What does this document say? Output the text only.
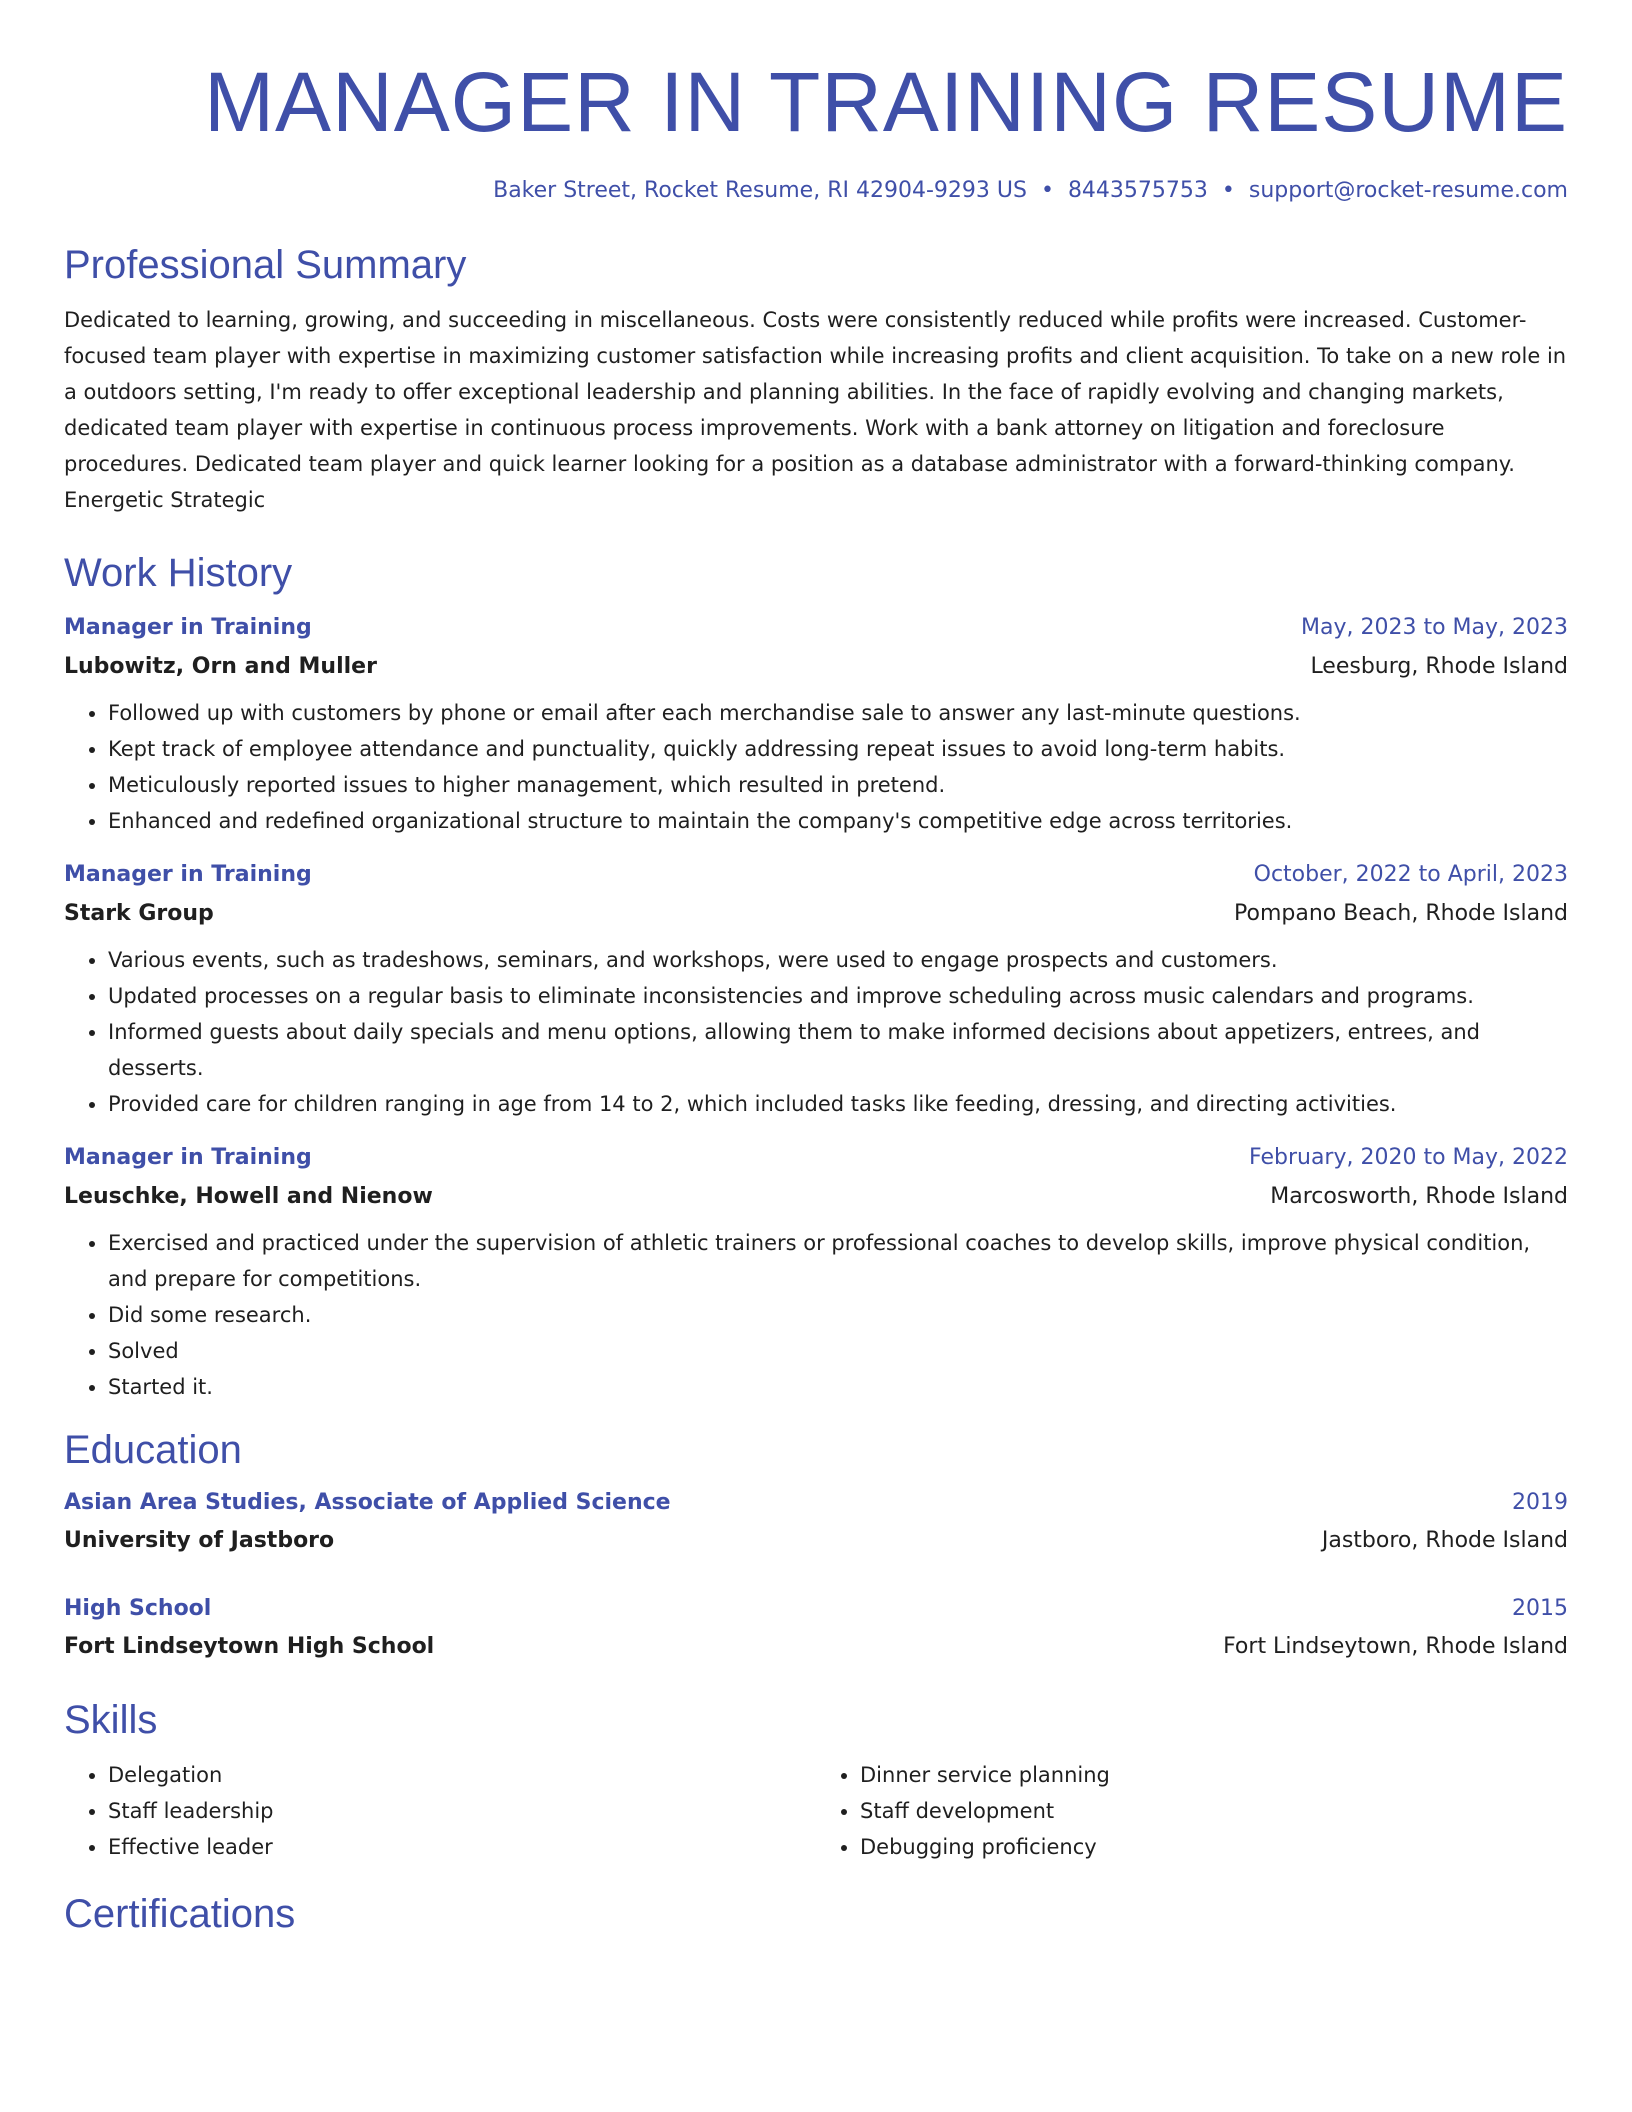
MANAGER IN TRAINING RESUME
Baker Street, Rocket Resume, RI 42904-9293 US • 8443575753 • support@rocket-resume.com
Professional Summary

Dedicated to learning, growing, and succeeding in miscellaneous. Costs were consistently reduced while profits were increased. Customer-focused team player with expertise in maximizing customer satisfaction while increasing profits and client acquisition. To take on a new role in a outdoors setting, I'm ready to offer exceptional leadership and planning abilities. In the face of rapidly evolving and changing markets, dedicated team player with expertise in continuous process improvements. Work with a bank attorney on litigation and foreclosure procedures. Dedicated team player and quick learner looking for a position as a database administrator with a forward-thinking company. Energetic Strategic

Work History
Manager in Training	May, 2023 to May, 2023
Lubowitz, Orn and Muller	Leesburg, Rhode Island
• Followed up with customers by phone or email after each merchandise sale to answer any last-minute questions.
• Kept track of employee attendance and punctuality, quickly addressing repeat issues to avoid long-term habits.
• Meticulously reported issues to higher management, which resulted in pretend.
• Enhanced and redefined organizational structure to maintain the company's competitive edge across territories.
Manager in Training	October, 2022 to April, 2023
Stark Group	Pompano Beach, Rhode Island
• Various events, such as tradeshows, seminars, and workshops, were used to engage prospects and customers.
• Updated processes on a regular basis to eliminate inconsistencies and improve scheduling across music calendars and programs.
• Informed guests about daily specials and menu options, allowing them to make informed decisions about appetizers, entrees, and desserts.
• Provided care for children ranging in age from 14 to 2, which included tasks like feeding, dressing, and directing activities.
Manager in Training	February, 2020 to May, 2022
Leuschke, Howell and Nienow	Marcosworth, Rhode Island
• Exercised and practiced under the supervision of athletic trainers or professional coaches to develop skills, improve physical condition, and prepare for competitions.
• Did some research.
• Solved
• Started it.
Education
Asian Area Studies, Associate of Applied Science	2019
University of Jastboro	Jastboro, Rhode Island
High School	2015
Fort Lindseytown High School	Fort Lindseytown, Rhode Island
Skills
• Delegation
• Staff leadership
• Effective leader
• Dinner service planning
• Staff development
• Debugging proficiency
Certifications
